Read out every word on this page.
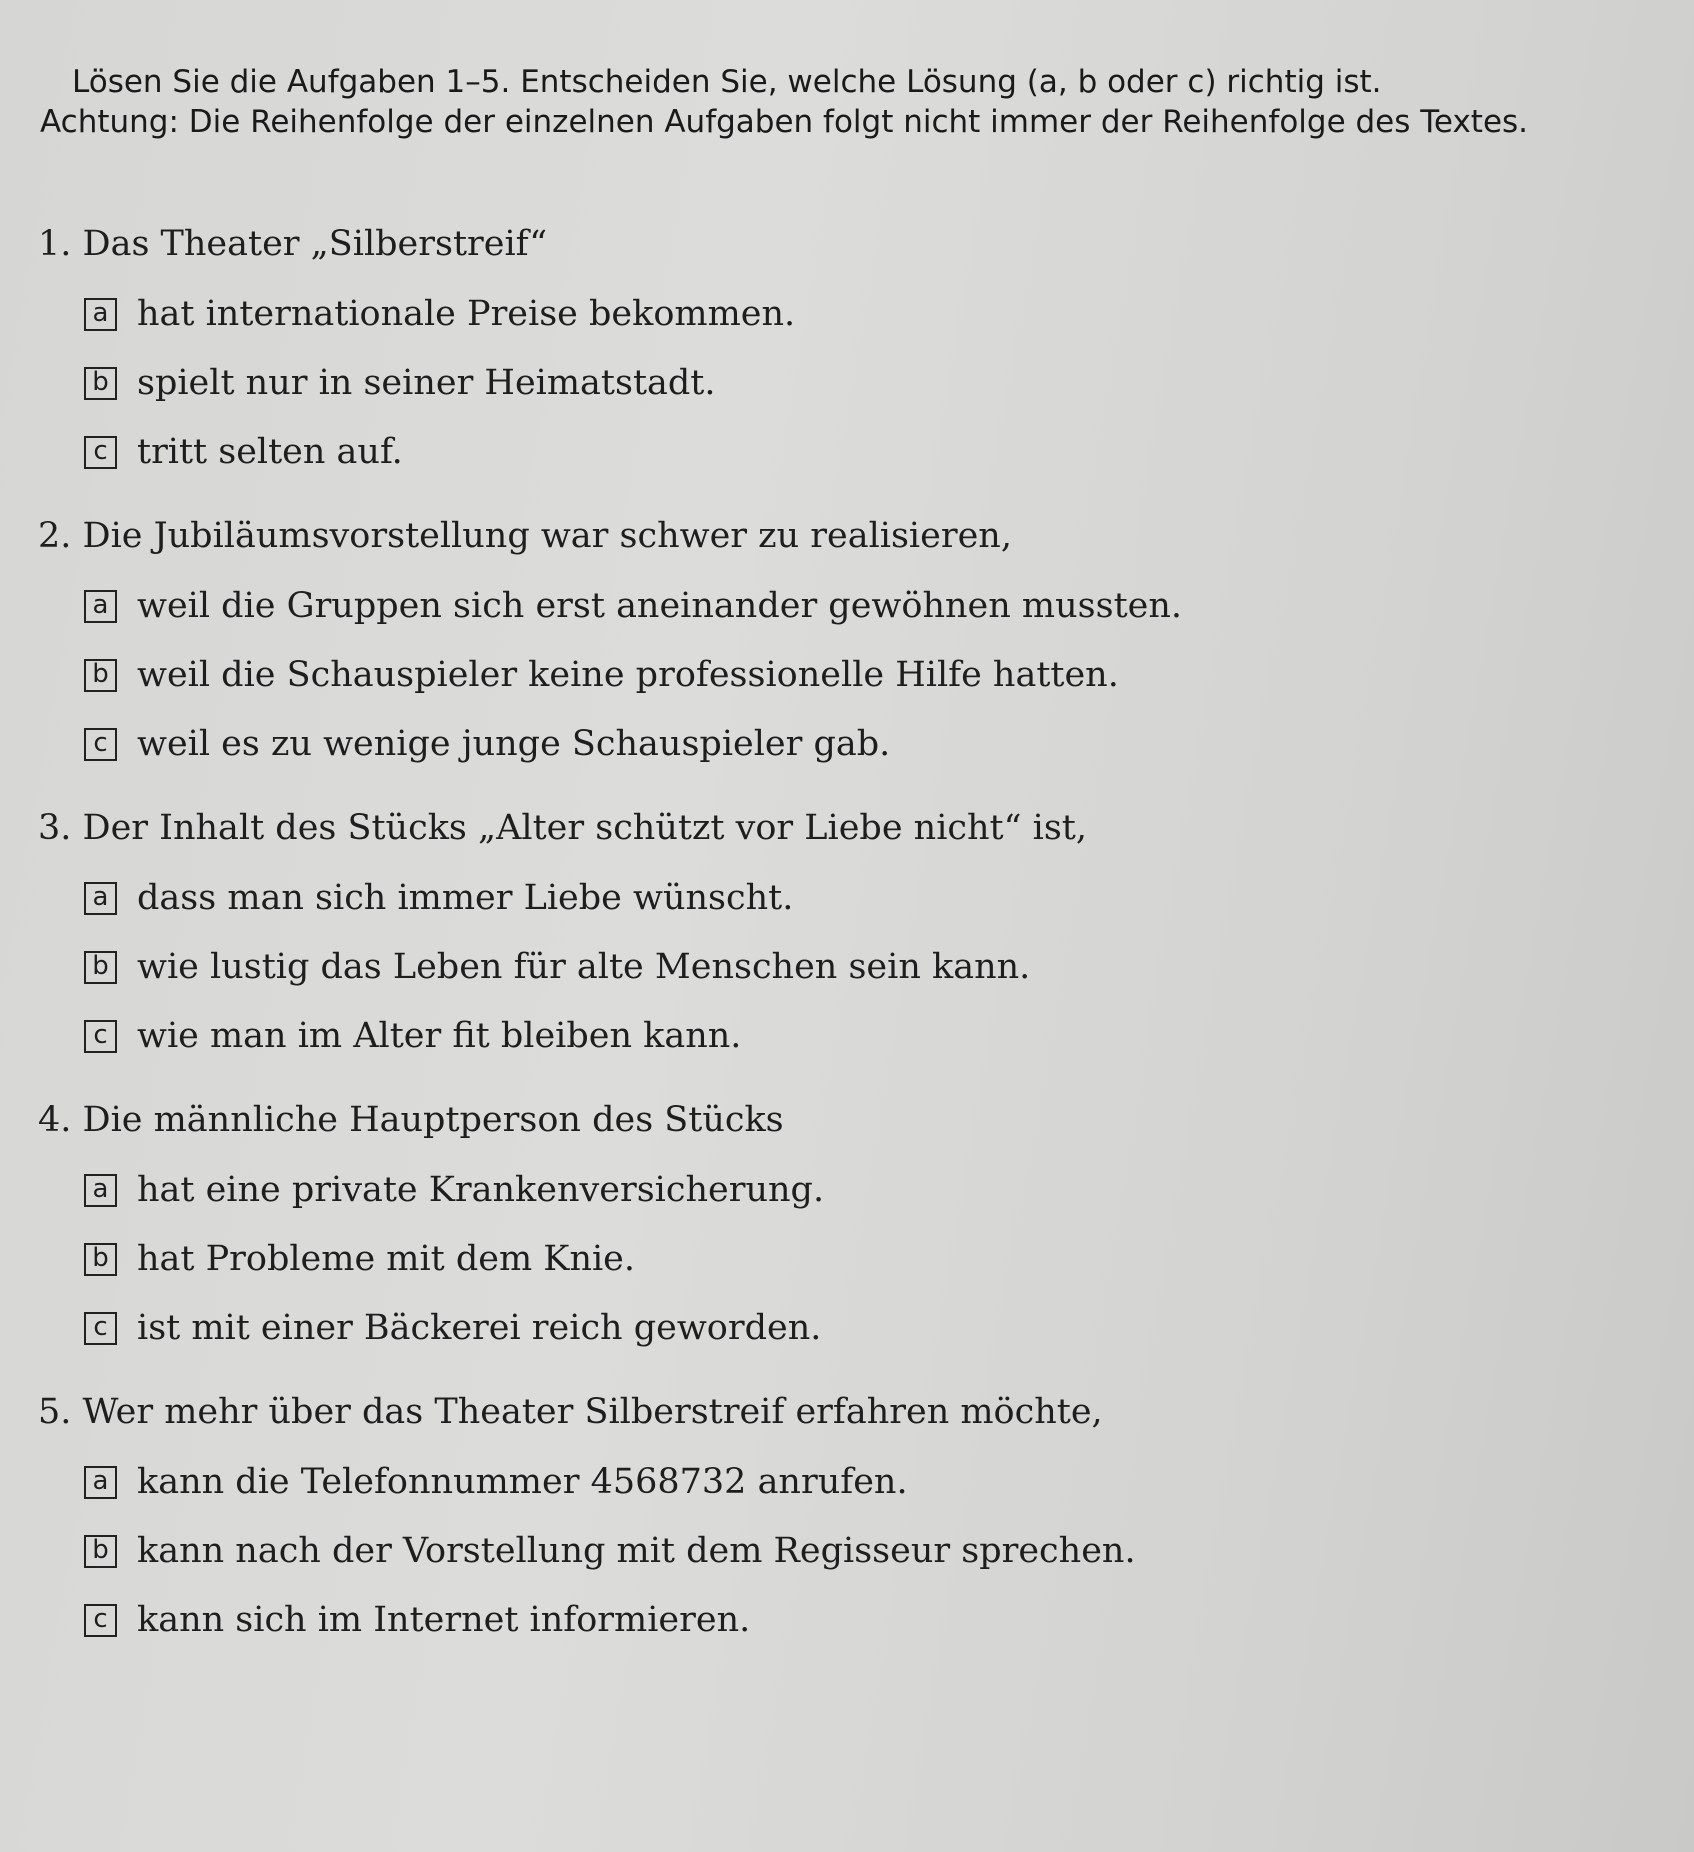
Lösen Sie die Aufgaben 1–5. Entscheiden Sie, welche Lösung (a, b oder c) richtig ist.

Achtung: Die Reihenfolge der einzelnen Aufgaben folgt nicht immer der Reihenfolge des Textes.

1. Das Theater „Silberstreif“

a hat internationale Preise bekommen.
b spielt nur in seiner Heimatstadt.
c tritt selten auf.

2. Die Jubiläumsvorstellung war schwer zu realisieren,

a weil die Gruppen sich erst aneinander gewöhnen mussten.
b weil die Schauspieler keine professionelle Hilfe hatten.
c weil es zu wenige junge Schauspieler gab.

3. Der Inhalt des Stücks „Alter schützt vor Liebe nicht“ ist,

a dass man sich immer Liebe wünscht.
b wie lustig das Leben für alte Menschen sein kann.
c wie man im Alter fit bleiben kann.

4. Die männliche Hauptperson des Stücks

a hat eine private Krankenversicherung.
b hat Probleme mit dem Knie.
c ist mit einer Bäckerei reich geworden.

5. Wer mehr über das Theater Silberstreif erfahren möchte,

a kann die Telefonnummer 4568732 anrufen.
b kann nach der Vorstellung mit dem Regisseur sprechen.
c kann sich im Internet informieren.
